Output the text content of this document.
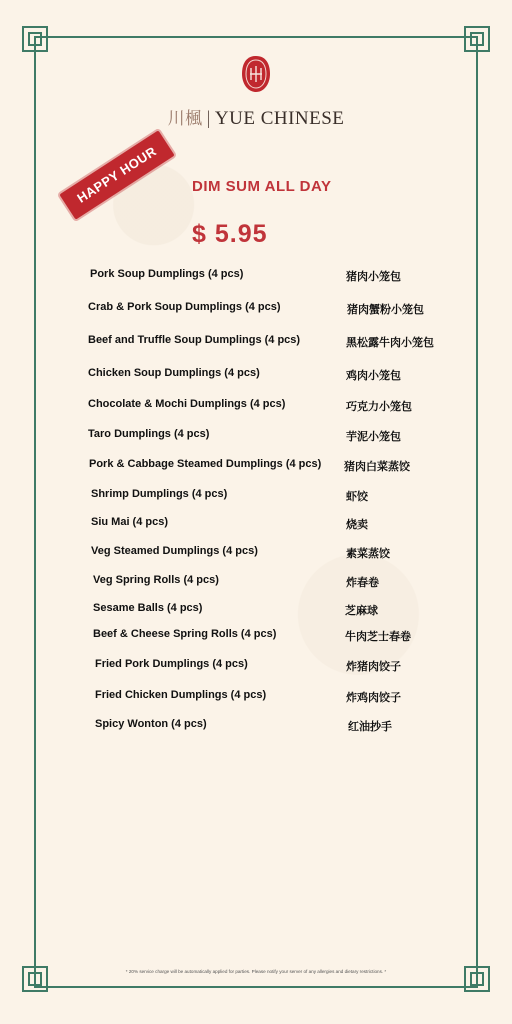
川楓 | YUE CHINESE
HAPPY HOUR	DIM SUM ALL DAY
$ 5.95
Pork Soup Dumplings (4 pcs)	猪肉小笼包
Crab & Pork Soup Dumplings (4 pcs)	猪肉蟹粉小笼包
Beef and Truffle Soup Dumplings (4 pcs)	黑松露牛肉小笼包
Chicken Soup Dumplings (4 pcs)	鸡肉小笼包
Chocolate & Mochi Dumplings (4 pcs)	巧克力小笼包
Taro Dumplings (4 pcs)	芋泥小笼包
Pork & Cabbage Steamed Dumplings (4 pcs) 猪肉白菜蒸饺
Shrimp Dumplings (4 pcs)	虾饺
Siu Mai (4 pcs)	烧卖
Veg Steamed Dumplings (4 pcs)	素菜蒸饺
Veg Spring Rolls (4 pcs)	炸春卷
Sesame Balls (4 pcs)	芝麻球
Beef & Cheese Spring Rolls (4 pcs)	牛肉芝士春卷
Fried Pork Dumplings (4 pcs)	炸猪肉饺子
Fried Chicken Dumplings (4 pcs)	炸鸡肉饺子
Spicy Wonton (4 pcs)	红油抄手
* 20% service charge will be automatically applied for parties. Please notify your server of any allergies and dietary restrictions. *
